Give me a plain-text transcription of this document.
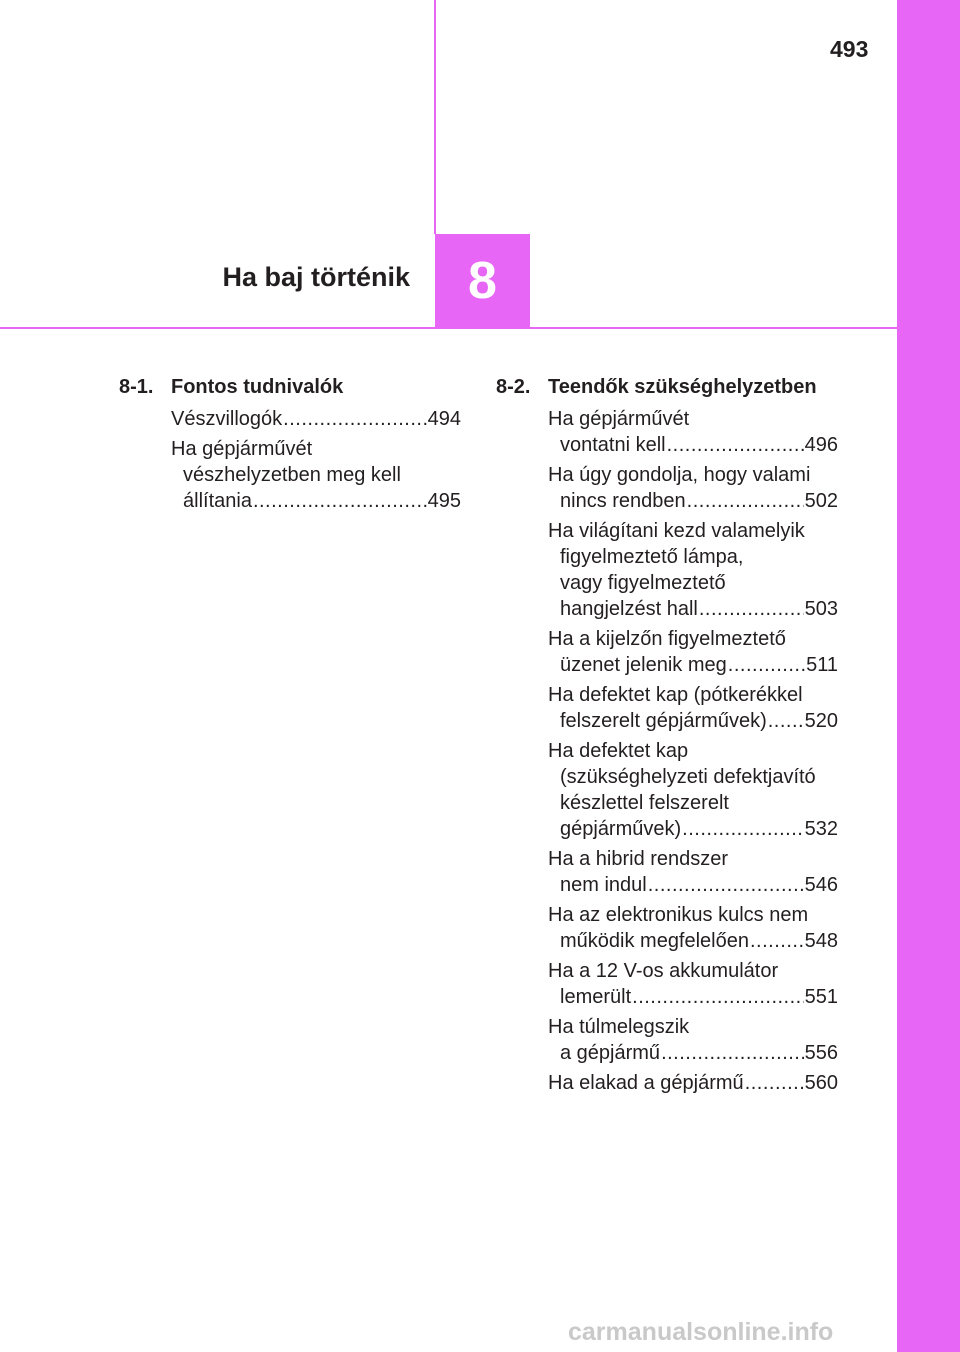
493
Ha baj történik 8
8-1. Fontos tudnivalók
Vészvillogók .....	494
Ha gépjárművét
vészhelyzetben meg kell
állítania .....	495
8-2. Teendők szükséghelyzetben
Ha gépjárművét
vontatni kell .....	496
Ha úgy gondolja, hogy valami
nincs rendben .....	502
Ha világítani kezd valamelyik
figyelmeztető lámpa,
vagy figyelmeztető
hangjelzést hall .....	503
Ha a kijelzőn figyelmeztető
üzenet jelenik meg .....	511
Ha defektet kap (pótkerékkel
felszerelt gépjárművek) ..... 520
Ha defektet kap
(szükséghelyzeti defektjavító
készlettel felszerelt
gépjárművek) .....	532
Ha a hibrid rendszer
nem indul .....	546
Ha az elektronikus kulcs nem
működik megfelelően .....	548
Ha a 12 V-os akkumulátor
lemerült .....	551
Ha túlmelegszik
a gépjármű .....	556
Ha elakad a gépjármű .....	560
carmanualsonline.info
